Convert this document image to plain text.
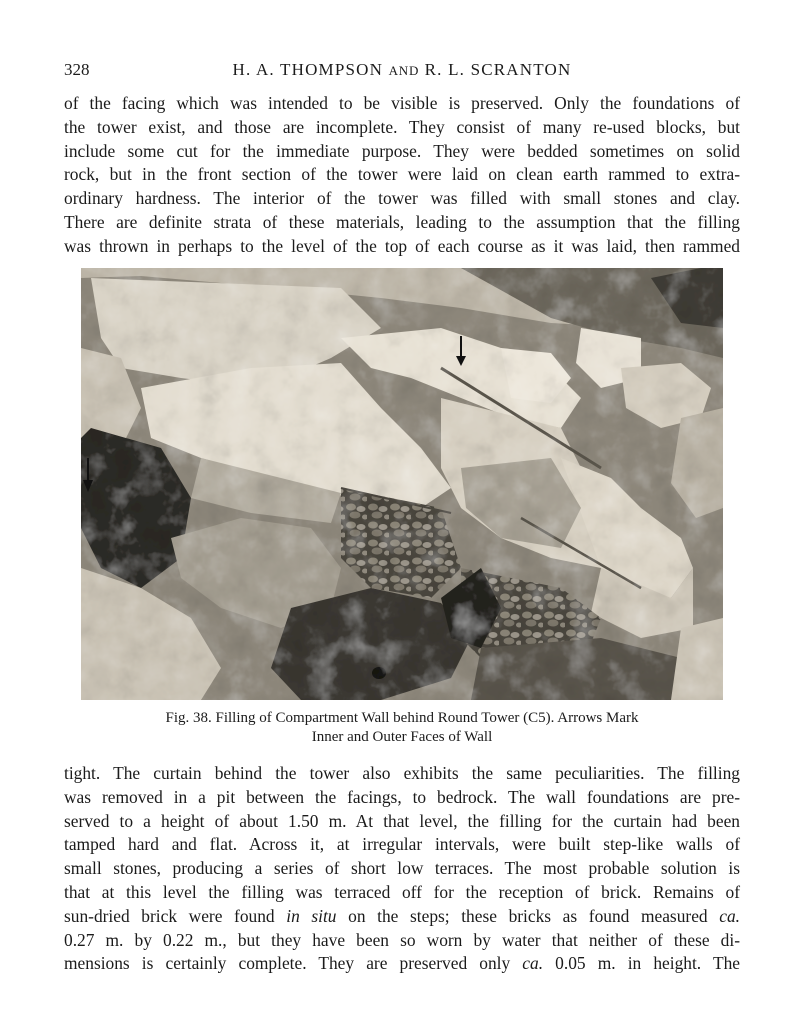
328	H. A. THOMPSON AND R. L. SCRANTON
of the facing which was intended to be visible is preserved. Only the foundations of
the tower exist, and those are incomplete. They consist of many re-used blocks, but
include some cut for the immediate purpose. They were bedded sometimes on solid
rock, but in the front section of the tower were laid on clean earth rammed to extra-
ordinary hardness. The interior of the tower was filled with small stones and clay.
There are definite strata of these materials, leading to the assumption that the filling
was thrown in perhaps to the level of the top of each course as it was laid, then rammed
Fig. 38. Filling of Compartment Wall behind Round Tower (C5). Arrows Mark
Inner and Outer Faces of Wall
tight. The curtain behind the tower also exhibits the same peculiarities. The filling
was removed in a pit between the facings, to bedrock. The wall foundations are pre-
served to a height of about 1.50 m. At that level, the filling for the curtain had been
tamped hard and flat. Across it, at irregular intervals, were built step-like walls of
small stones, producing a series of short low terraces. The most probable solution is
that at this level the filling was terraced off for the reception of brick. Remains of
sun-dried brick were found in situ on the steps; these bricks as found measured ca.
0.27 m. by 0.22 m., but they have been so worn by water that neither of these di-
mensions is certainly complete. They are preserved only ca. 0.05 m. in height. The
